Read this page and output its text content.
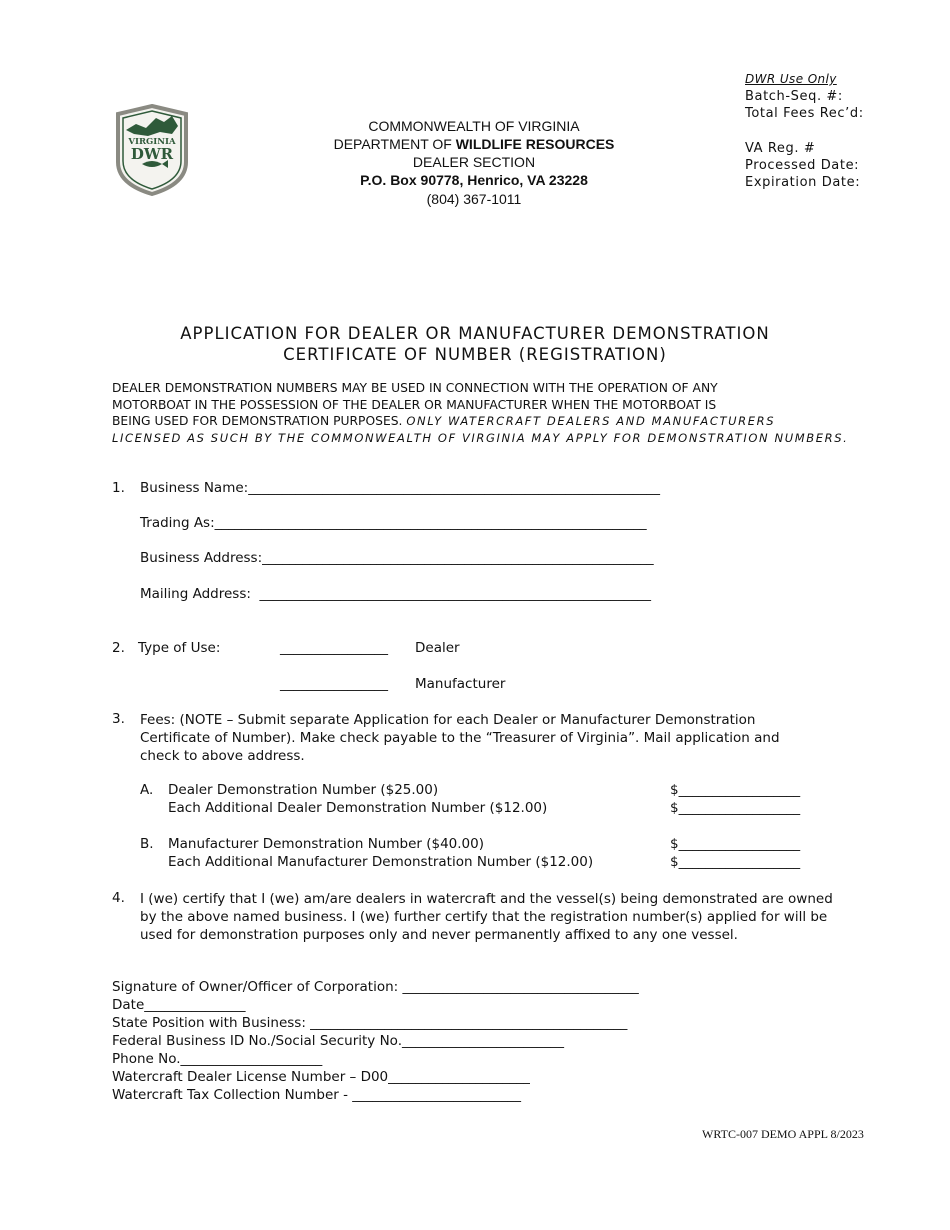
VIRGINIA
DWR
COMMONWEALTH OF VIRGINIA
DEPARTMENT OF WILDLIFE RESOURCES
DEALER SECTION
P.O. Box 90778, Henrico, VA 23228
(804) 367-1011
DWR Use Only
Batch-Seq. #:
Total Fees Rec’d:
VA Reg. #
Processed Date:
Expiration Date:
APPLICATION FOR DEALER OR MANUFACTURER DEMONSTRATION
CERTIFICATE OF NUMBER (REGISTRATION)
DEALER DEMONSTRATION NUMBERS MAY BE USED IN CONNECTION WITH THE OPERATION OF ANY
MOTORBOAT IN THE POSSESSION OF THE DEALER OR MANUFACTURER WHEN THE MOTORBOAT IS
BEING USED FOR DEMONSTRATION PURPOSES. ONLY WATERCRAFT DEALERS AND MANUFACTURERS
LICENSED AS SUCH BY THE COMMONWEALTH OF VIRGINIA MAY APPLY FOR DEMONSTRATION NUMBERS.
1. Business Name:_____________________________________________________________
Trading As:________________________________________________________________
Business Address:__________________________________________________________
Mailing Address:  __________________________________________________________
2. Type of Use:	________________ Dealer
________________ Manufacturer
3. Fees: (NOTE – Submit separate Application for each Dealer or Manufacturer Demonstration
Certificate of Number). Make check payable to the “Treasurer of Virginia”. Mail application and
check to above address.
A. Dealer Demonstration Number ($25.00)
Each Additional Dealer Demonstration Number ($12.00)
$__________________
$__________________
B. Manufacturer Demonstration Number ($40.00)
Each Additional Manufacturer Demonstration Number ($12.00)
$__________________
$__________________
4. I (we) certify that I (we) am/are dealers in watercraft and the vessel(s) being demonstrated are owned
by the above named business. I (we) further certify that the registration number(s) applied for will be
used for demonstration purposes only and never permanently affixed to any one vessel.
Signature of Owner/Officer of Corporation: ___________________________________
Date_______________
State Position with Business: _______________________________________________
Federal Business ID No./Social Security No.________________________
Phone No._____________________
Watercraft Dealer License Number – D00_____________________
Watercraft Tax Collection Number - _________________________
WRTC-007 DEMO APPL 8/2023
